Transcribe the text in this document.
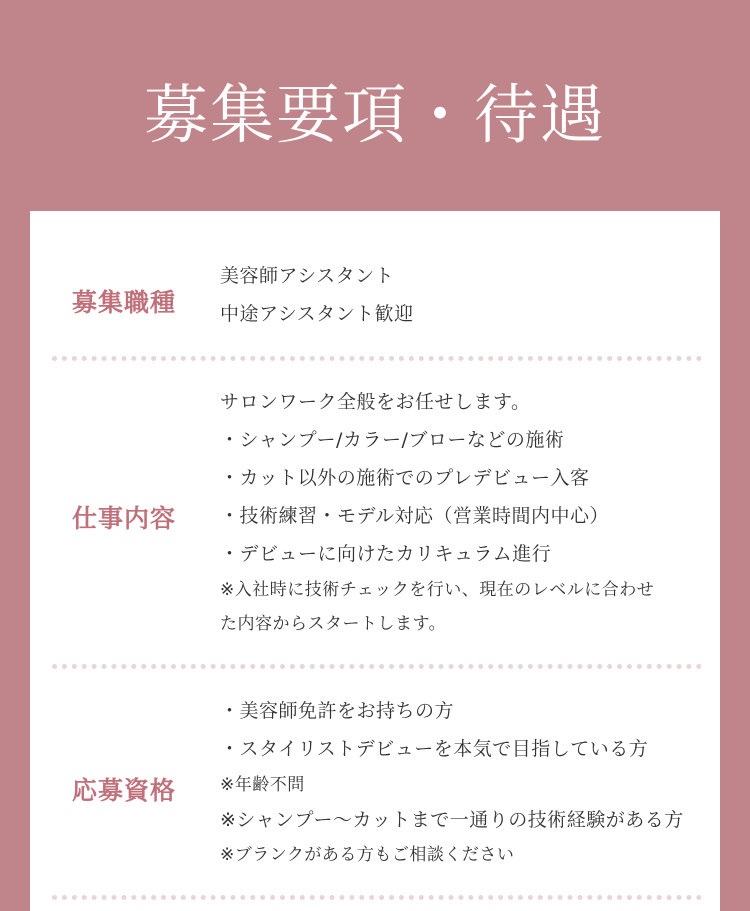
募集要項・待遇
募集職種
美容師アシスタント
中途アシスタント歓迎
仕事内容
サロンワーク全般をお任せします。
・シャンプー/カラー/ブローなどの施術
・カット以外の施術でのプレデビュー入客
・技術練習・モデル対応（営業時間内中心）
・デビューに向けたカリキュラム進行
※入社時に技術チェックを行い、現在のレベルに合わせ
た内容からスタートします。
応募資格
・美容師免許をお持ちの方
・スタイリストデビューを本気で目指している方
※年齢不問
※シャンプー～カットまで一通りの技術経験がある方
※ブランクがある方もご相談ください
